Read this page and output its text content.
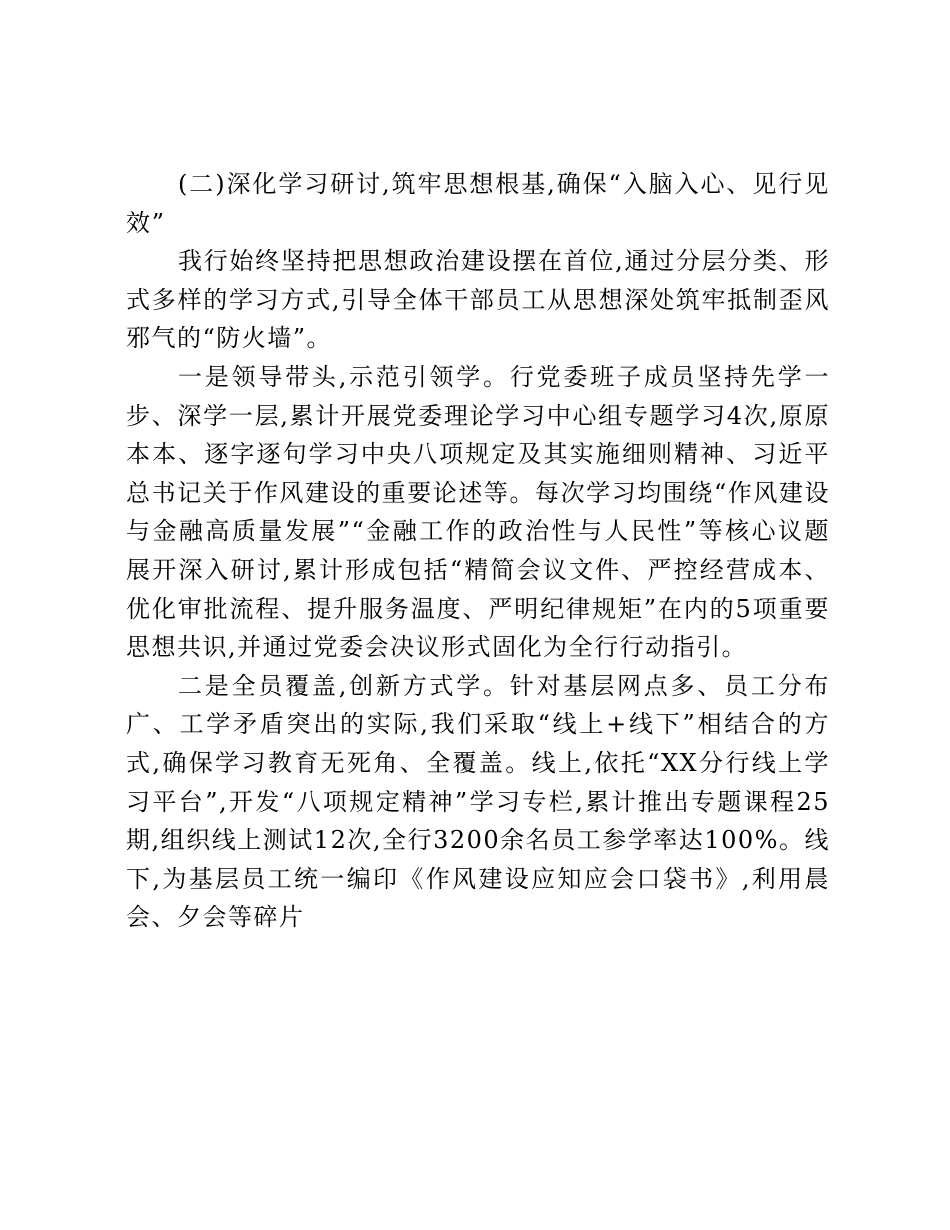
(二)深化学习研讨,筑牢思想根基,确保“入脑入心、见行见效”

我行始终坚持把思想政治建设摆在首位,通过分层分类、形式多样的学习方式,引导全体干部员工从思想深处筑牢抵制歪风邪气的“防火墙”。

一是领导带头,示范引领学。行党委班子成员坚持先学一步、深学一层,累计开展党委理论学习中心组专题学习4次,原原本本、逐字逐句学习中央八项规定及其实施细则精神、习近平总书记关于作风建设的重要论述等。每次学习均围绕“作风建设与金融高质量发展”“金融工作的政治性与人民性”等核心议题展开深入研讨,累计形成包括“精简会议文件、严控经营成本、优化审批流程、提升服务温度、严明纪律规矩”在内的5项重要思想共识,并通过党委会决议形式固化为全行行动指引。

二是全员覆盖,创新方式学。针对基层网点多、员工分布广、工学矛盾突出的实际,我们采取“线上+线下”相结合的方式,确保学习教育无死角、全覆盖。线上,依托“XX分行线上学习平台”,开发“八项规定精神”学习专栏,累计推出专题课程25期,组织线上测试12次,全行3200余名员工参学率达100%。线下,为基层员工统一编印《作风建设应知应会口袋书》,利用晨会、夕会等碎片
